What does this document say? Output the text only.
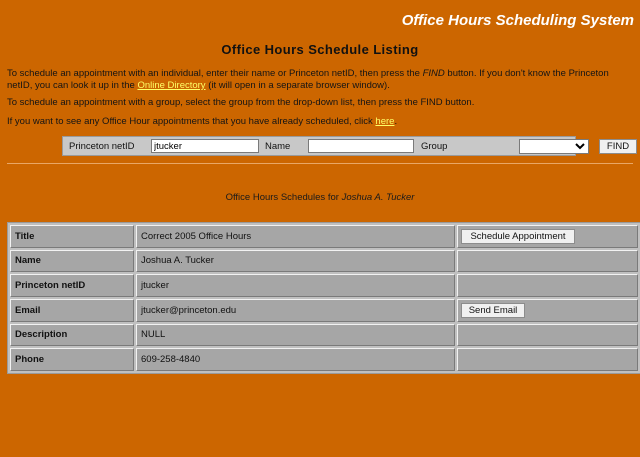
Office Hours Scheduling System
Office Hours Schedule Listing
To schedule an appointment with an individual, enter their name or Princeton netID, then press the FIND button. If you don't know the Princeton netID, you can look it up in the Online Directory (it will open in a separate browser window).
To schedule an appointment with a group, select the group from the drop-down list, then press the FIND button.
If you want to see any Office Hour appointments that you have already scheduled, click here.
Princeton netID
jtucker	Name	Group	FIND
Office Hours Schedules for Joshua A. Tucker
Title	Correct 2005 Office Hours	Schedule Appointment

Name	Joshua A. Tucker	
Princeton netID	jtucker	
Email	jtucker@princeton.edu	Send Email

Description	NULL	
Phone	609-258-4840	
